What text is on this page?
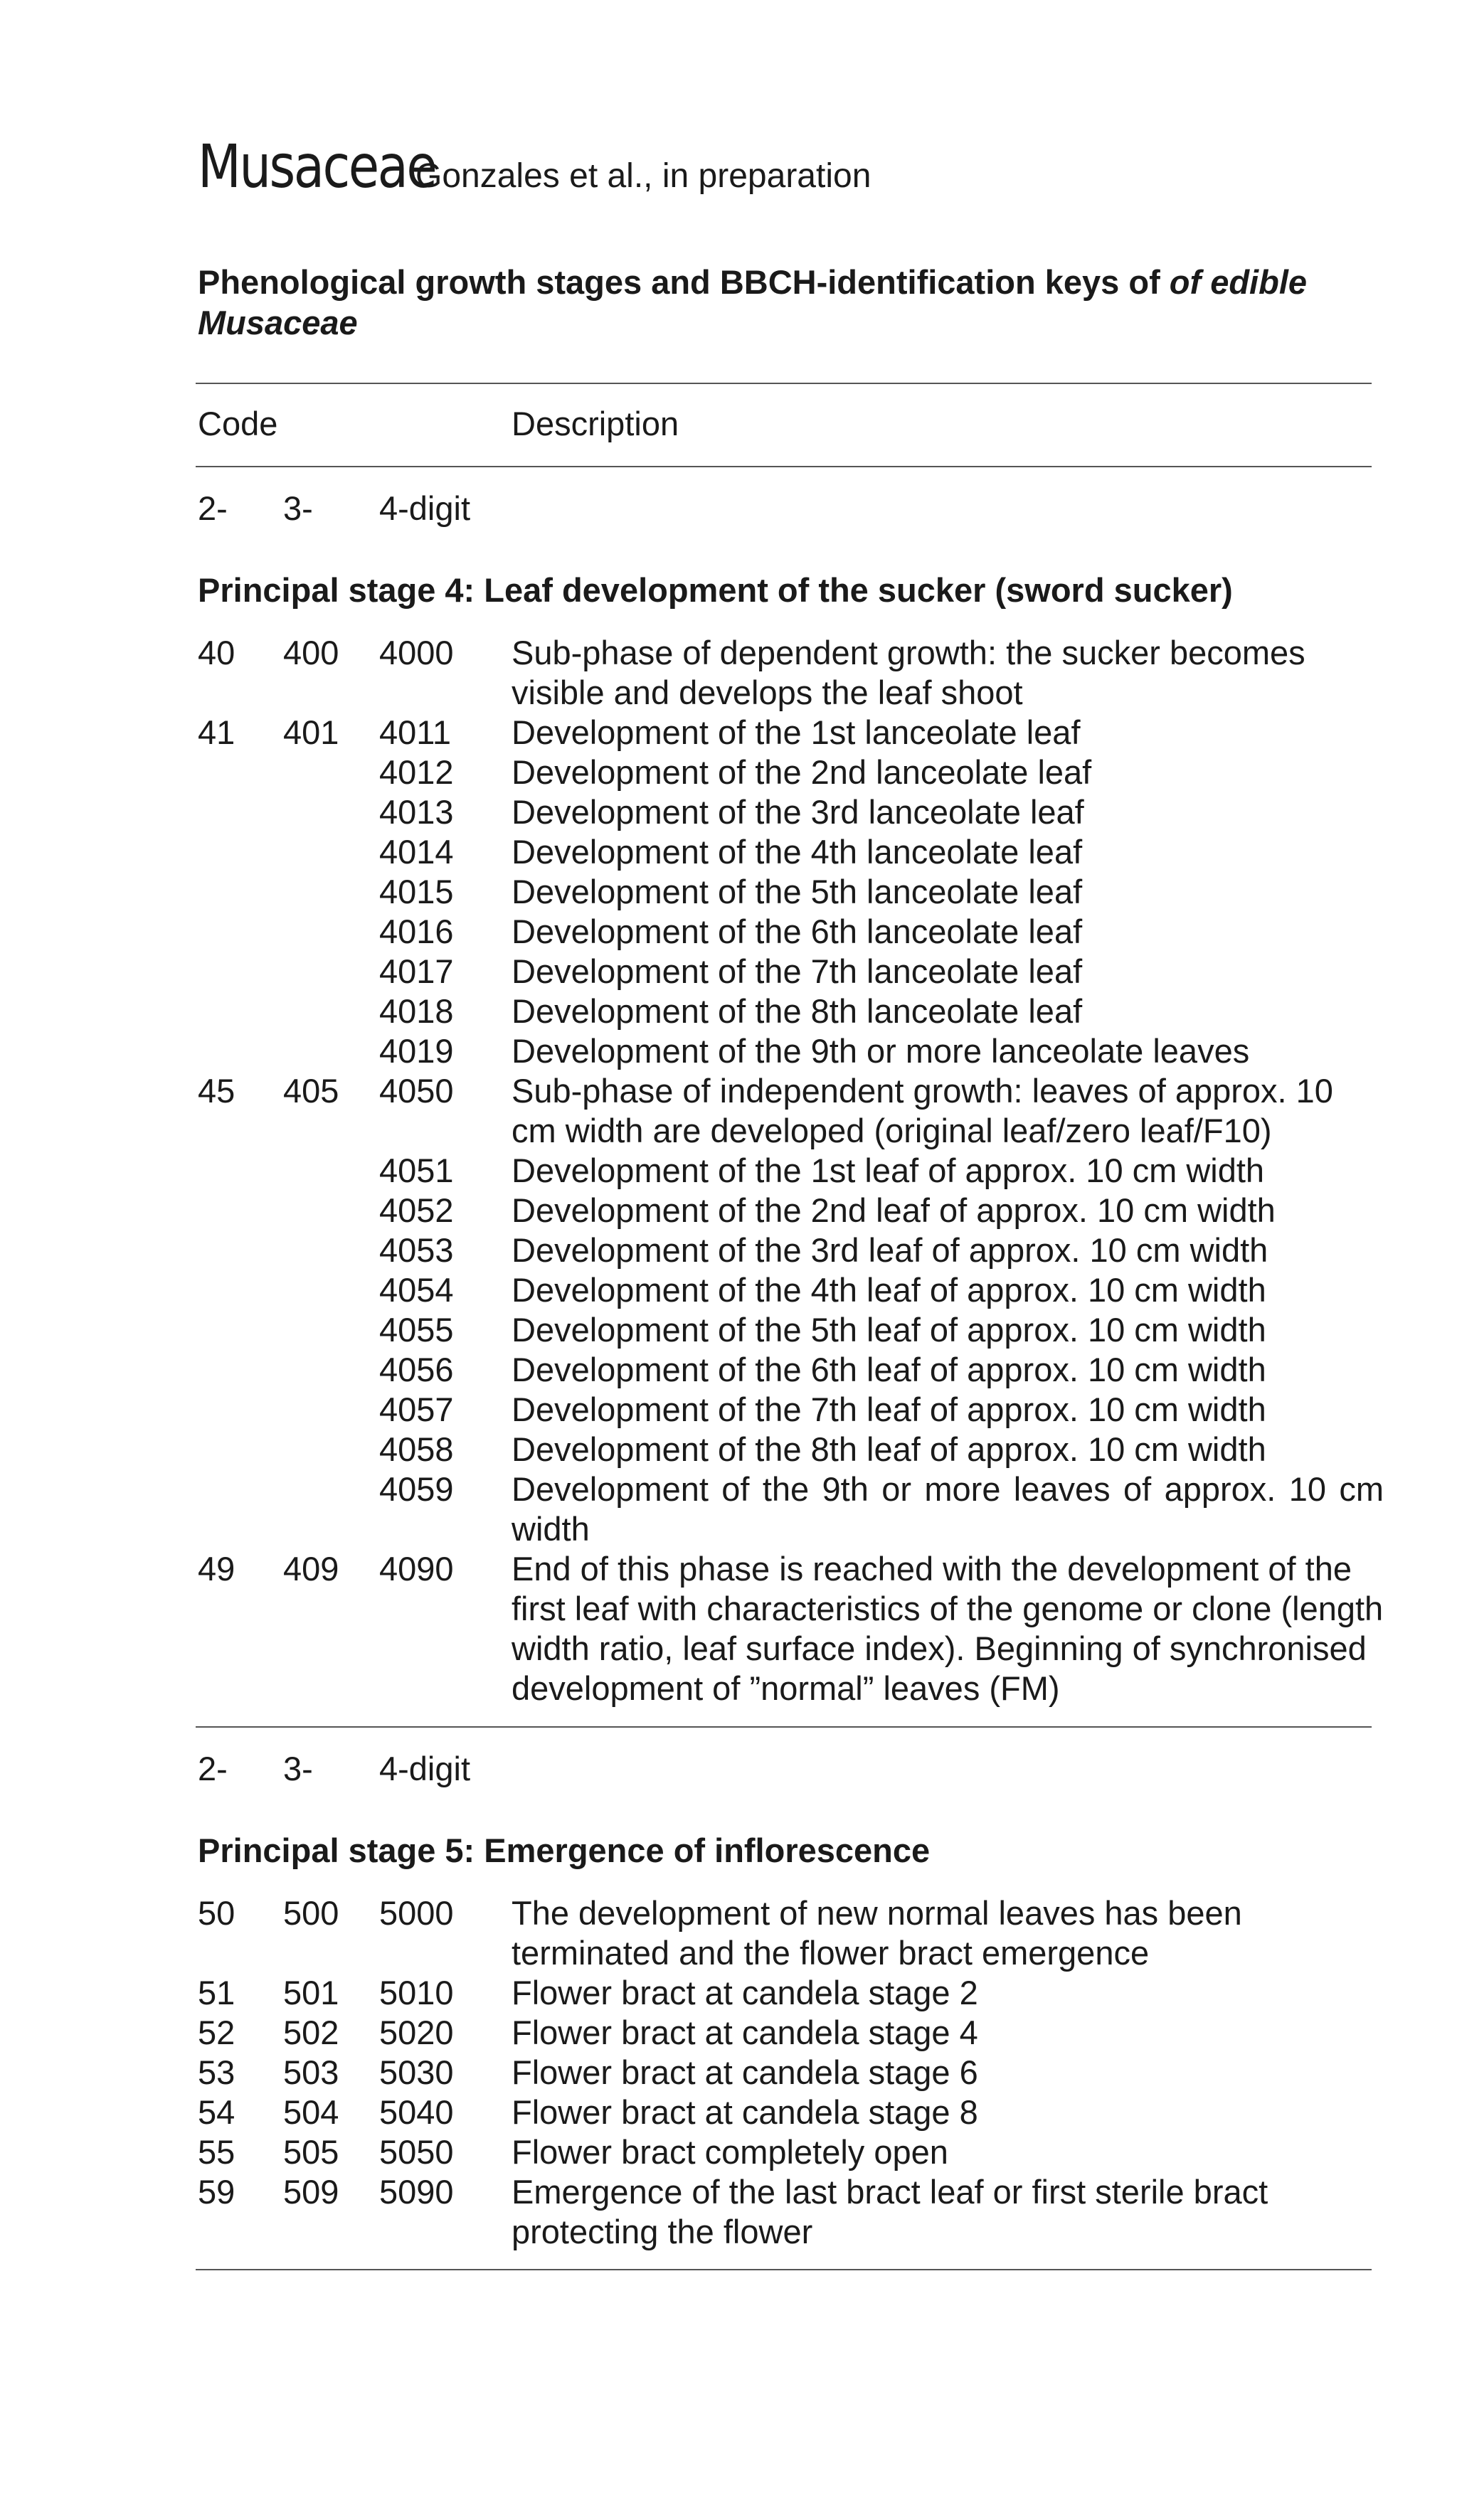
MusaceaeGonzales et al., in preparation
Phenological growth stages and BBCH-identification keys of of edible Musaceae
Code	Description
2- 3- 4-digit
Principal stage 4: Leaf development of the sucker (sword sucker)
40 400 4000 Sub-phase of dependent growth: the sucker becomes visible and develops the leaf shoot
41 401 4011 Development of the 1st lanceolate leaf
4012 Development of the 2nd lanceolate leaf
4013 Development of the 3rd lanceolate leaf
4014 Development of the 4th lanceolate leaf
4015 Development of the 5th lanceolate leaf
4016 Development of the 6th lanceolate leaf
4017 Development of the 7th lanceolate leaf
4018 Development of the 8th lanceolate leaf
4019 Development of the 9th or more lanceolate leaves
45 405 4050 Sub-phase of independent growth: leaves of approx. 10 cm width are developed (original leaf/zero leaf/F10)
4051 Development of the 1st leaf of approx. 10 cm width
4052 Development of the 2nd leaf of approx. 10 cm width
4053 Development of the 3rd leaf of approx. 10 cm width
4054 Development of the 4th leaf of approx. 10 cm width
4055 Development of the 5th leaf of approx. 10 cm width
4056 Development of the 6th leaf of approx. 10 cm width
4057 Development of the 7th leaf of approx. 10 cm width
4058 Development of the 8th leaf of approx. 10 cm width
4059 Development of the 9th or more leaves of approx. 10 cm width
49 409 4090 End of this phase is reached with the development of the first leaf with characteristics of the genome or clone (length width ratio, leaf surface index). Beginning of synchronised development of ”normal” leaves (FM)
2- 3- 4-digit
Principal stage 5: Emergence of inflorescence
50 500 5000 The development of new normal leaves has been terminated and the flower bract emergence
51 501 5010 Flower bract at candela stage 2
52 502 5020 Flower bract at candela stage 4
53 503 5030 Flower bract at candela stage 6
54 504 5040 Flower bract at candela stage 8
55 505 5050 Flower bract completely open
59 509 5090 Emergence of the last bract leaf or first sterile bract protecting the flower
